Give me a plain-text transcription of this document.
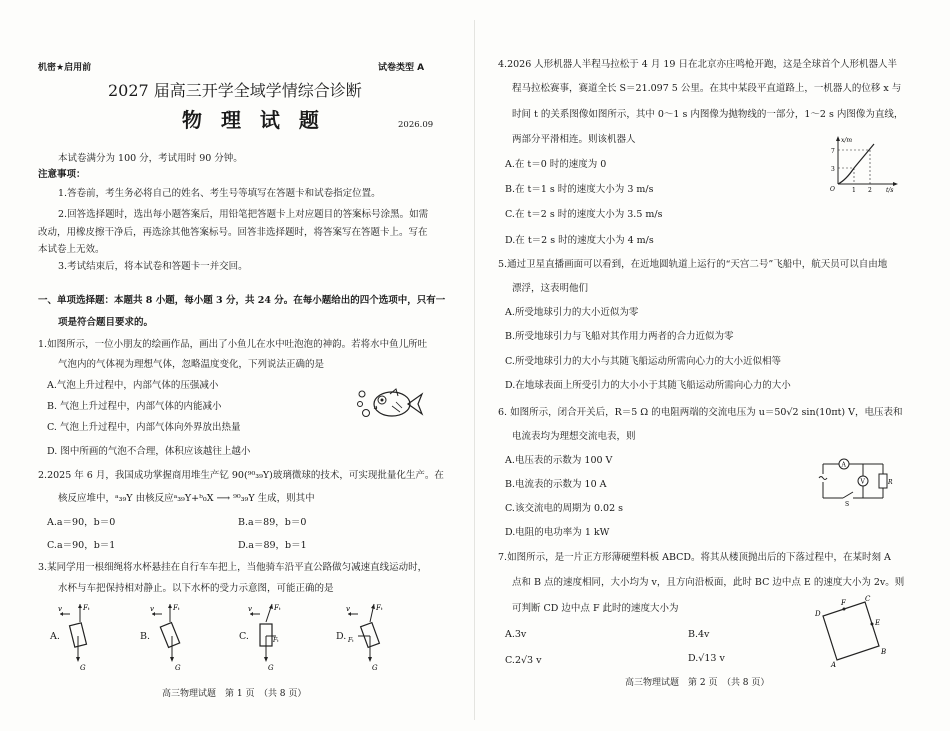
机密★启用前	试卷类型 A
2027 届高三开学全域学情综合诊断
物 理 试 题	2026.09
本试卷满分为 100 分，考试用时 90 分钟。
注意事项：
1.答卷前，考生务必将自己的姓名、考生号等填写在答题卡和试卷指定位置。
2.回答选择题时，选出每小题答案后，用铅笔把答题卡上对应题目的答案标号涂黑。如需
改动，用橡皮擦干净后，再选涂其他答案标号。回答非选择题时，将答案写在答题卡上。写在
本试卷上无效。
3.考试结束后，将本试卷和答题卡一并交回。
一、单项选择题：本题共 8 小题，每小题 3 分，共 24 分。在每小题给出的四个选项中，只有一
项是符合题目要求的。
1.如图所示，一位小朋友的绘画作品，画出了小鱼儿在水中吐泡泡的神韵。若将水中鱼儿所吐
气泡内的气体视为理想气体，忽略温度变化，下列说法正确的是
A.气泡上升过程中，内部气体的压强减小
B. 气泡上升过程中，内部气体的内能减小
C. 气泡上升过程中，内部气体向外界放出热量
D. 图中所画的气泡不合理，体积应该越往上越小
2.2025 年 6 月，我国成功掌握商用堆生产钇 90(⁹⁰₃₉Y)玻璃微球的技术，可实现批量化生产。在
核反应堆中，ᵃ₃₉Y 由核反应ᵃ₃₉Y+ᵇ₀X ⟶ ⁹⁰₃₉Y 生成，则其中
A.a＝90，b＝0	B.a＝89，b＝0
C.a＝90，b＝1	D.a＝89，b＝1
3.某同学用一根细绳将水杯悬挂在自行车车把上，当他骑车沿平直公路做匀减速直线运动时，
水杯与车把保持相对静止。以下水杯的受力示意图，可能正确的是
A.	B.	C.	D.
v	Fₜ
G
v	Fₜ
G
v	Fₜ
Fₜ
G
v	Fₜ
Fₜ
G
高三物理试题　第 1 页　（共 8 页）
4.2026 人形机器人半程马拉松于 4 月 19 日在北京亦庄鸣枪开跑，这是全球首个人形机器人半
程马拉松赛事，赛道全长 S＝21.097 5 公里。在其中某段平直道路上，一机器人的位移 x 与
时间 t 的关系图像如图所示，其中 0～1 s 内图像为抛物线的一部分，1～2 s 内图像为直线，
两部分平滑相连。则该机器人
A.在 t＝0 时的速度为 0
B.在 t＝1 s 时的速度大小为 3 m/s
C.在 t＝2 s 时的速度大小为 3.5 m/s
D.在 t＝2 s 时的速度大小为 4 m/s
x/m
t/s
7
3
1 2
O
5.通过卫星直播画面可以看到，在近地圆轨道上运行的“天宫二号”飞船中，航天员可以自由地
漂浮，这表明他们
A.所受地球引力的大小近似为零
B.所受地球引力与飞船对其作用力两者的合力近似为零
C.所受地球引力的大小与其随飞船运动所需向心力的大小近似相等
D.在地球表面上所受引力的大小小于其随飞船运动所需向心力的大小
6. 如图所示，闭合开关后，R＝5 Ω 的电阻两端的交流电压为 u＝50√2 sin(10πt) V，电压表和
电流表均为理想交流电表，则
A.电压表的示数为 100 V
B.电流表的示数为 10 A
C.该交流电的周期为 0.02 s
D.电阻的电功率为 1 kW
A
V	R
S
7.如图所示，是一片正方形薄硬塑料板 ABCD。将其从楼顶抛出后的下落过程中，在某时刻 A
点和 B 点的速度相同，大小均为 v，且方向沿板面，此时 BC 边中点 E 的速度大小为 2v。则
可判断 CD 边中点 F 此时的速度大小为
A.3v	B.4v
C.2√3 v	D.√13 v
A
B
C
D
E
F
高三物理试题　第 2 页　（共 8 页）
